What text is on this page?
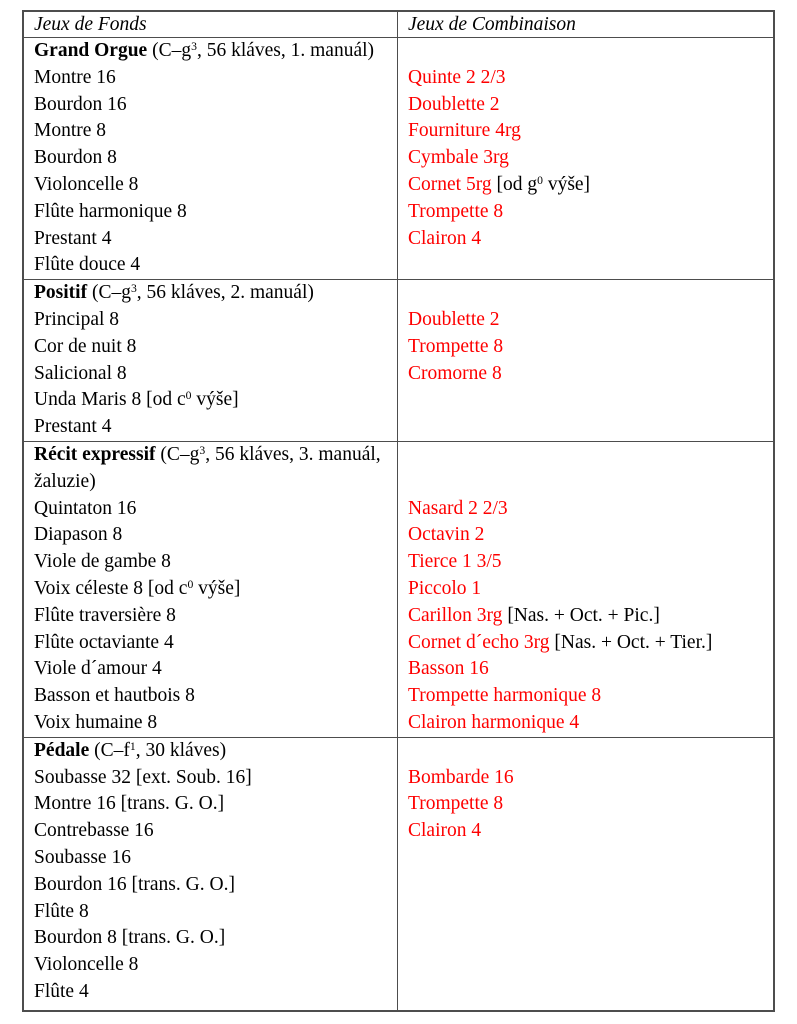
Jeux de Fonds	Jeux de Combinaison
Grand Orgue ($C-g^3$, 56 kláves, 1. manuál)
Montre 16
Bourdon 16
Montre 8
Bourdon 8
Violoncelle 8
Flûte harmonique 8
Prestant 4
Flûte douce 4
Quinte 2 2/3
Doublette 2
Fourniture 4rg
Cymbale 3rg
Cornet 5rg [od $g^0$ výše]
Trompette 8
Clairon 4
Positif ($C-g^3$, 56 kláves, 2. manuál)
Principal 8
Cor de nuit 8
Salicional 8
Unda Maris 8 [od $c^0$ výše]
Prestant 4
Doublette 2
Trompette 8
Cromorne 8
Récit expressif ($C-g^3$, 56 kláves, 3. manuál,
žaluzie)
Quintaton 16
Diapason 8
Viole de gambe 8
Voix céleste 8 [od $c^0$ výše]
Flûte traversière 8
Flûte octaviante 4
Viole d´amour 4
Basson et hautbois 8
Voix humaine 8
Nasard 2 2/3
Octavin 2
Tierce 1 3/5
Piccolo 1
Carillon 3rg [Nas. + Oct. + Pic.]
Cornet d´echo 3rg [Nas. + Oct. + Tier.]
Basson 16
Trompette harmonique 8
Clairon harmonique 4
Pédale ($C-f^1$, 30 kláves)
Soubasse 32 [ext. Soub. 16]
Montre 16 [trans. G. O.]
Contrebasse 16
Soubasse 16
Bourdon 16 [trans. G. O.]
Flûte 8
Bourdon 8 [trans. G. O.]
Violoncelle 8
Flûte 4
Bombarde 16
Trompette 8
Clairon 4
